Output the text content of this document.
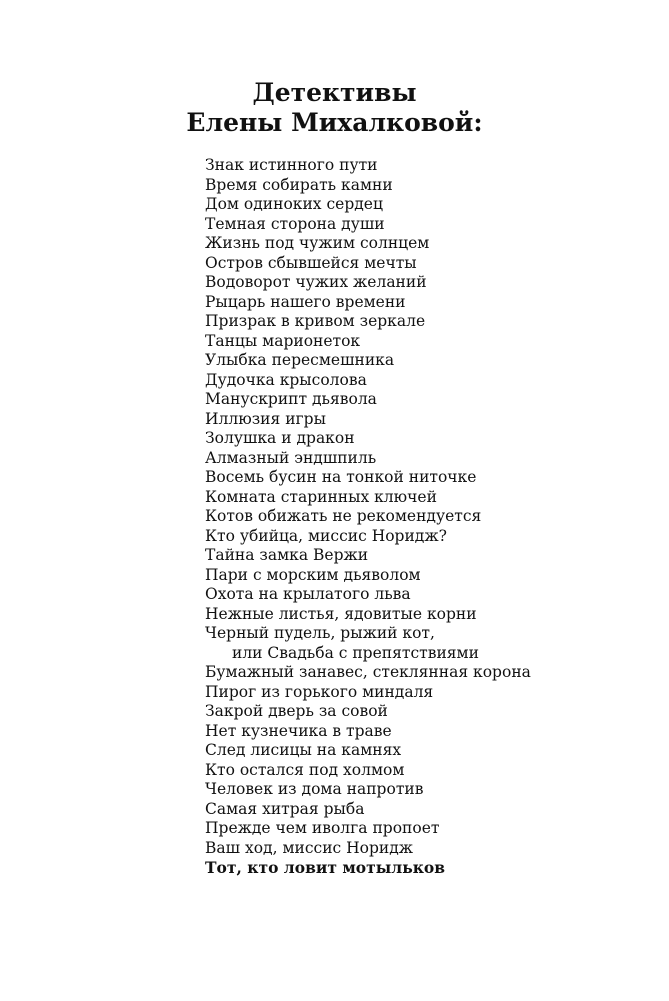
Детективы
Елены Михалковой:
Знак истинного пути
Время собирать камни
Дом одиноких сердец
Темная сторона души
Жизнь под чужим солнцем
Остров сбывшейся мечты
Водоворот чужих желаний
Рыцарь нашего времени
Призрак в кривом зеркале
Танцы марионеток
Улыбка пересмешника
Дудочка крысолова
Манускрипт дьявола
Иллюзия игры
Золушка и дракон
Алмазный эндшпиль
Восемь бусин на тонкой ниточке
Комната старинных ключей
Котов обижать не рекомендуется
Кто убийца, миссис Норидж?
Тайна замка Вержи
Пари с морским дьяволом
Охота на крылатого льва
Нежные листья, ядовитые корни
Черный пудель, рыжий кот,
или Свадьба с препятствиями
Бумажный занавес, стеклянная корона
Пирог из горького миндаля
Закрой дверь за совой
Нет кузнечика в траве
След лисицы на камнях
Кто остался под холмом
Человек из дома напротив
Самая хитрая рыба
Прежде чем иволга пропоет
Ваш ход, миссис Норидж
Тот, кто ловит мотыльков
